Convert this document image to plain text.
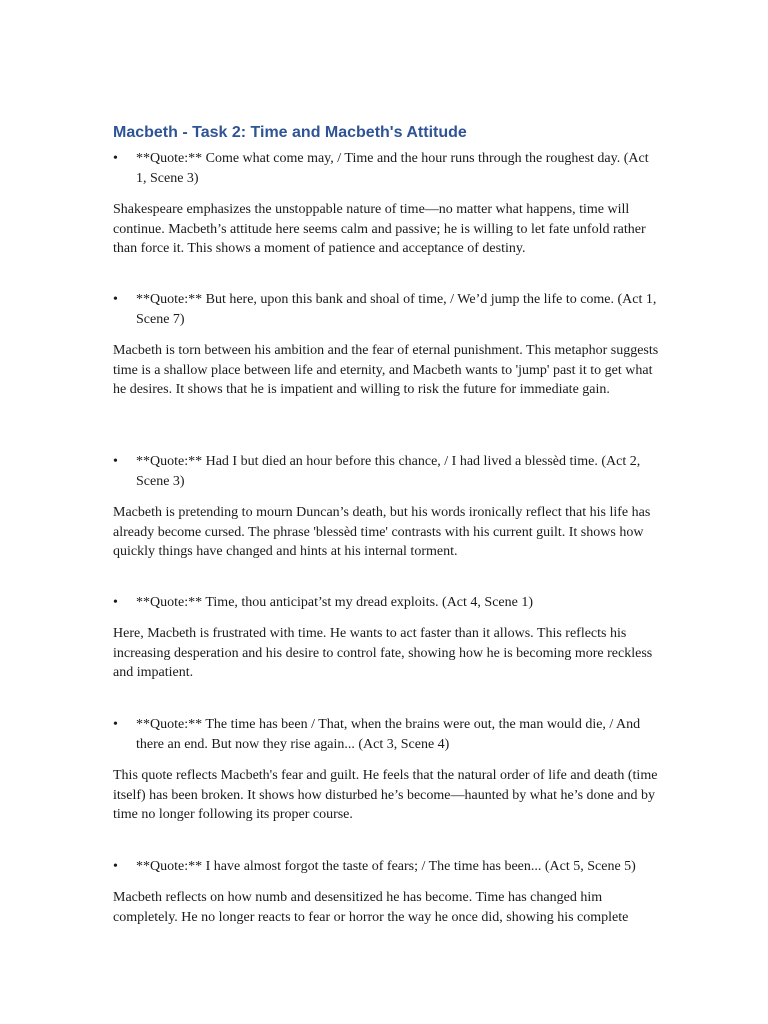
Macbeth - Task 2: Time and Macbeth's Attitude
• **Quote:** Come what come may, / Time and the hour runs through the roughest day. (Act 1, Scene 3)
Shakespeare emphasizes the unstoppable nature of time—no matter what happens, time will continue. Macbeth’s attitude here seems calm and passive; he is willing to let fate unfold rather than force it. This shows a moment of patience and acceptance of destiny.
• **Quote:** But here, upon this bank and shoal of time, / We’d jump the life to come. (Act 1, Scene 7)
Macbeth is torn between his ambition and the fear of eternal punishment. This metaphor suggests time is a shallow place between life and eternity, and Macbeth wants to 'jump' past it to get what he desires. It shows that he is impatient and willing to risk the future for immediate gain.
• **Quote:** Had I but died an hour before this chance, / I had lived a blessèd time. (Act 2, Scene 3)
Macbeth is pretending to mourn Duncan’s death, but his words ironically reflect that his life has already become cursed. The phrase 'blessèd time' contrasts with his current guilt. It shows how quickly things have changed and hints at his internal torment.
• **Quote:** Time, thou anticipat’st my dread exploits. (Act 4, Scene 1)
Here, Macbeth is frustrated with time. He wants to act faster than it allows. This reflects his increasing desperation and his desire to control fate, showing how he is becoming more reckless and impatient.
• **Quote:** The time has been / That, when the brains were out, the man would die, / And there an end. But now they rise again... (Act 3, Scene 4)
This quote reflects Macbeth's fear and guilt. He feels that the natural order of life and death (time itself) has been broken. It shows how disturbed he’s become—haunted by what he’s done and by time no longer following its proper course.
• **Quote:** I have almost forgot the taste of fears; / The time has been... (Act 5, Scene 5)
Macbeth reflects on how numb and desensitized he has become. Time has changed him completely. He no longer reacts to fear or horror the way he once did, showing his complete
